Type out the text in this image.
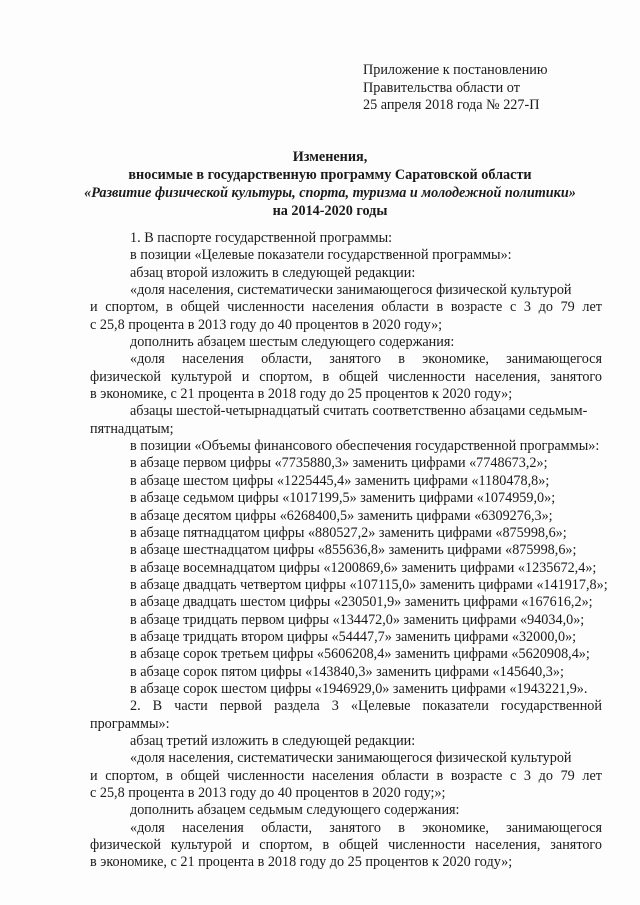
Приложение к постановлению
Правительства области от
25 апреля 2018 года № 227-П
Изменения,
вносимые в государственную программу Саратовской области
«Развитие физической культуры, спорта, туризма и молодежной политики»
на 2014-2020 годы
1. В паспорте государственной программы:
в позиции «Целевые показатели государственной программы»:
абзац второй изложить в следующей редакции:
«доля населения, систематически занимающегося физической культурой
и спортом, в общей численности населения области в возрасте с 3 до 79 лет
с 25,8 процента в 2013 году до 40 процентов в 2020 году»;
дополнить абзацем шестым следующего содержания:
«доля населения области, занятого в экономике, занимающегося
физической культурой и спортом, в общей численности населения, занятого
в экономике, с 21 процента в 2018 году до 25 процентов к 2020 году»;
абзацы шестой-четырнадцатый считать соответственно абзацами седьмым-
пятнадцатым;
в позиции «Объемы финансового обеспечения государственной программы»:
в абзаце первом цифры «7735880,3» заменить цифрами «7748673,2»;
в абзаце шестом цифры «1225445,4» заменить цифрами «1180478,8»;
в абзаце седьмом цифры «1017199,5» заменить цифрами «1074959,0»;
в абзаце десятом цифры «6268400,5» заменить цифрами «6309276,3»;
в абзаце пятнадцатом цифры «880527,2» заменить цифрами «875998,6»;
в абзаце шестнадцатом цифры «855636,8» заменить цифрами «875998,6»;
в абзаце восемнадцатом цифры «1200869,6» заменить цифрами «1235672,4»;
в абзаце двадцать четвертом цифры «107115,0» заменить цифрами «141917,8»;
в абзаце двадцать шестом цифры «230501,9» заменить цифрами «167616,2»;
в абзаце тридцать первом цифры «134472,0» заменить цифрами «94034,0»;
в абзаце тридцать втором цифры «54447,7» заменить цифрами «32000,0»;
в абзаце сорок третьем цифры «5606208,4» заменить цифрами «5620908,4»;
в абзаце сорок пятом цифры «143840,3» заменить цифрами «145640,3»;
в абзаце сорок шестом цифры «1946929,0» заменить цифрами «1943221,9».
2. В части первой раздела 3 «Целевые показатели государственной
программы»:
абзац третий изложить в следующей редакции:
«доля населения, систематически занимающегося физической культурой
и спортом, в общей численности населения области в возрасте с 3 до 79 лет
с 25,8 процента в 2013 году до 40 процентов в 2020 году;»;
дополнить абзацем седьмым следующего содержания:
«доля населения области, занятого в экономике, занимающегося
физической культурой и спортом, в общей численности населения, занятого
в экономике, с 21 процента в 2018 году до 25 процентов к 2020 году»;
